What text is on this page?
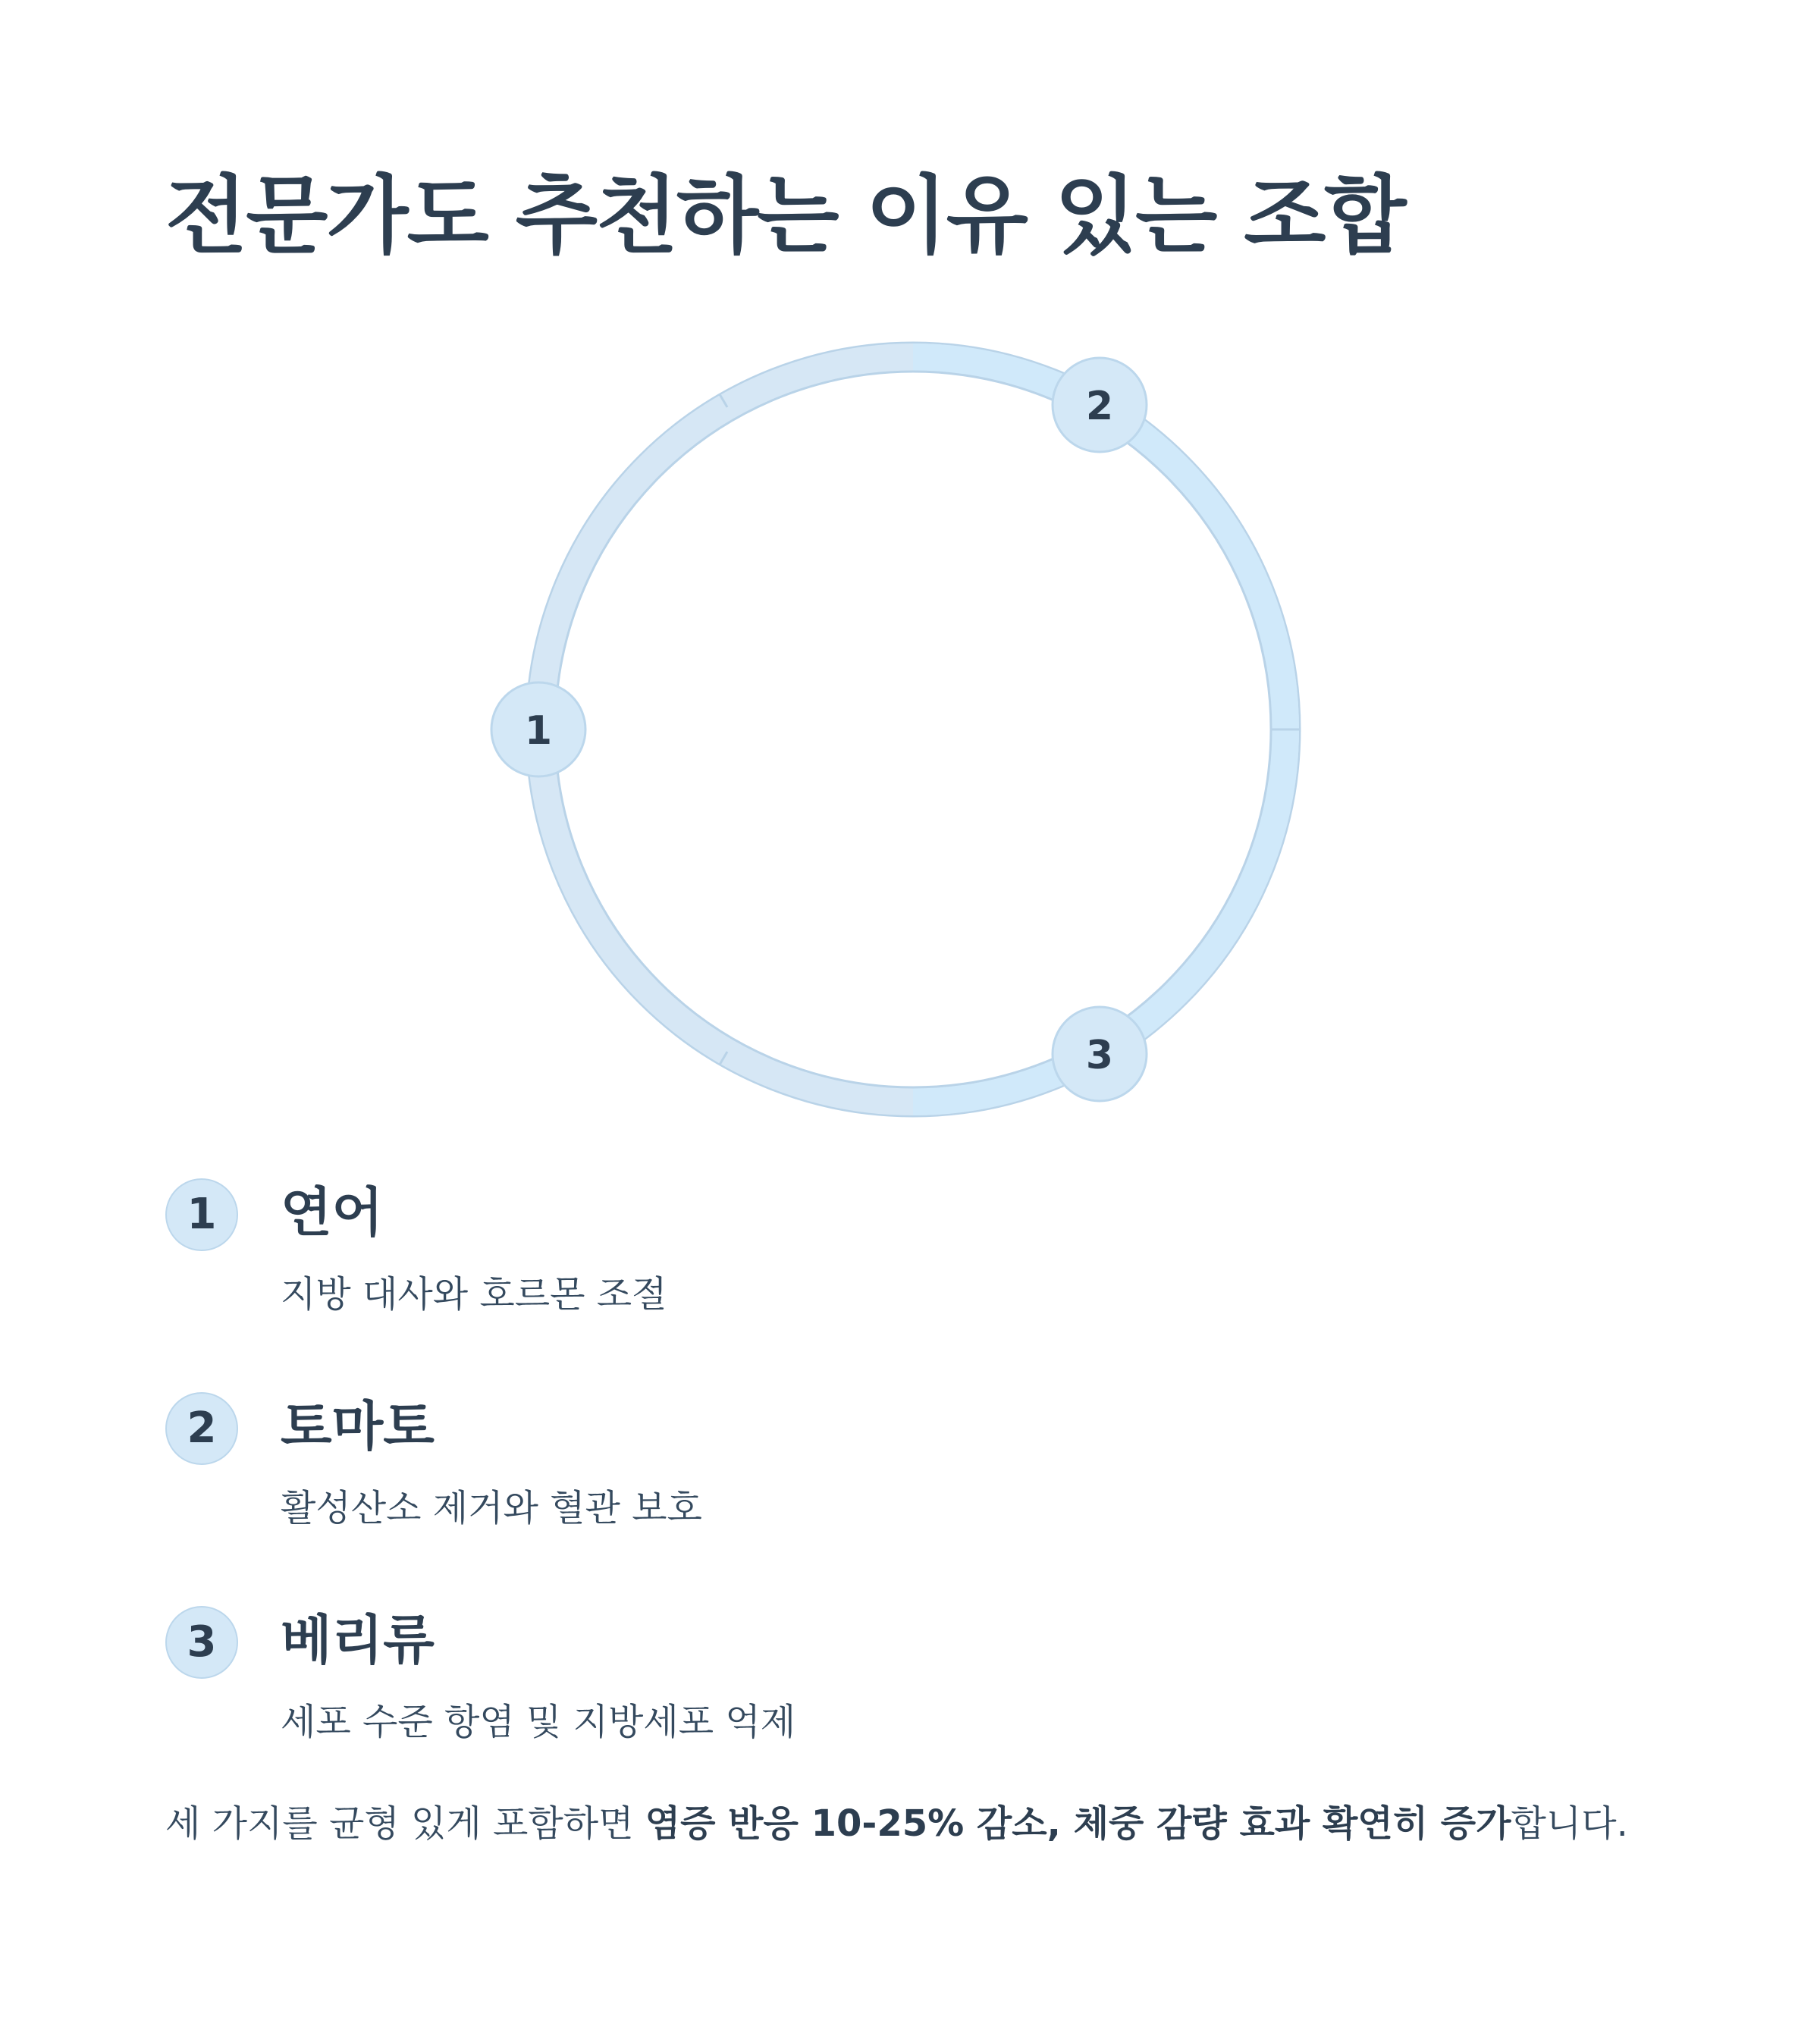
전문가도 추천하는 이유 있는 조합
1
2
3
1	연어
지방 대사와 호르몬 조절
2	토마토
활성산소 제거와 혈관 보호
3	베리류
세포 수준 항염 및 지방세포 억제
세 가지를 균형 있게 포함하면 염증 반응 10-25% 감소, 체중 감량 효과 확연히 증가합니다.
